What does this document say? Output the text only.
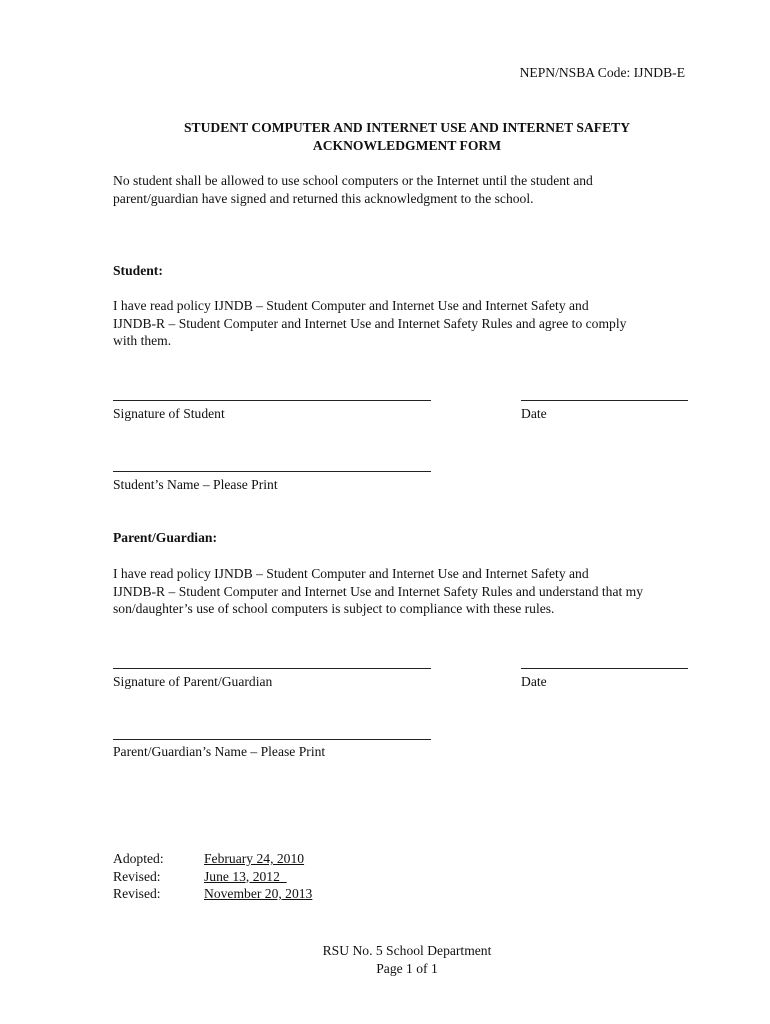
NEPN/NSBA Code: IJNDB-E
STUDENT COMPUTER AND INTERNET USE AND INTERNET SAFETY
ACKNOWLEDGMENT FORM
No student shall be allowed to use school computers or the Internet until the student and
parent/guardian have signed and returned this acknowledgment to the school.
Student:
I have read policy IJNDB – Student Computer and Internet Use and Internet Safety and
IJNDB-R – Student Computer and Internet Use and Internet Safety Rules and agree to comply
with them.
Signature of Student	Date
Student’s Name – Please Print
Parent/Guardian:
I have read policy IJNDB – Student Computer and Internet Use and Internet Safety and
IJNDB-R – Student Computer and Internet Use and Internet Safety Rules and understand that my
son/daughter’s use of school computers is subject to compliance with these rules.
Signature of Parent/Guardian	Date
Parent/Guardian’s Name – Please Print
Adopted:	February 24, 2010
Revised:	June 13, 2012
Revised:	November 20, 2013
RSU No. 5 School Department
Page 1 of 1
